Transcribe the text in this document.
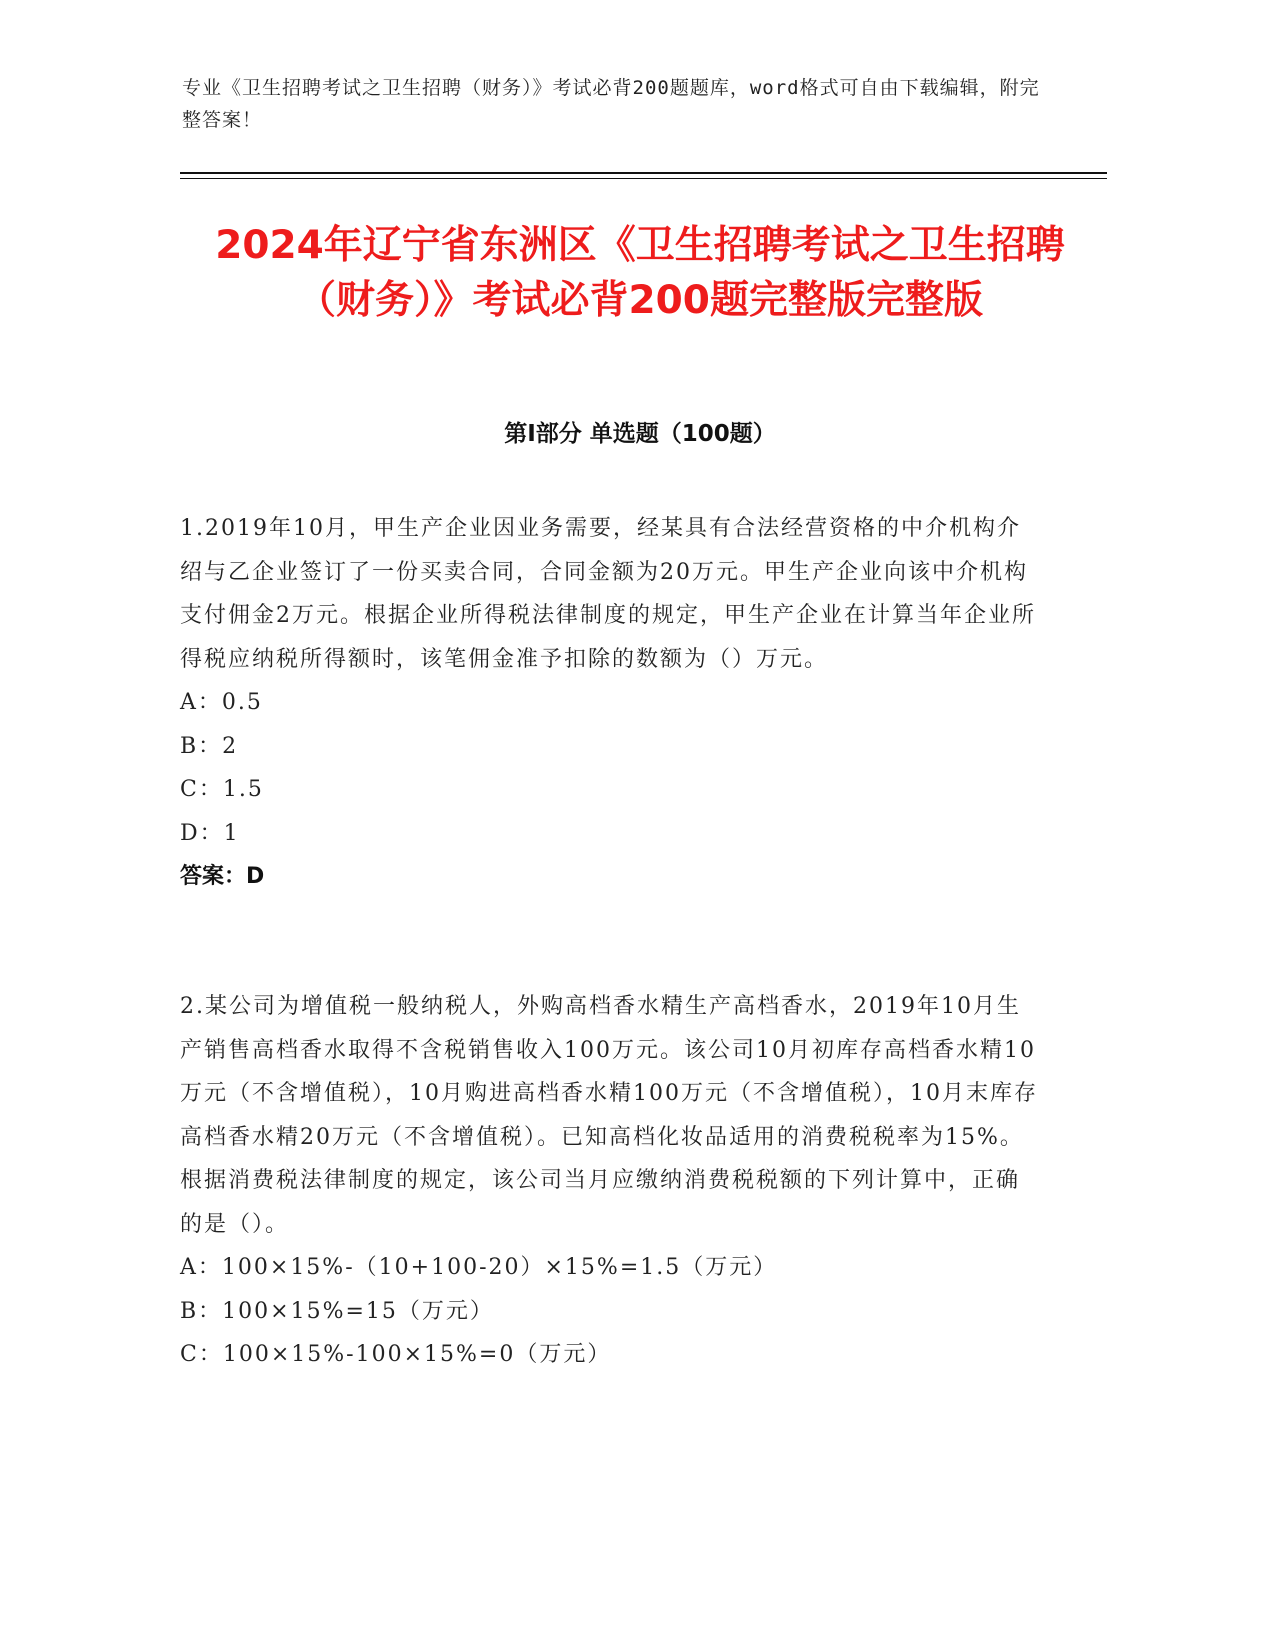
专业《卫生招聘考试之卫生招聘（财务）》考试必背200题题库，word格式可自由下载编辑，附完整答案！

2024年辽宁省东洲区《卫生招聘考试之卫生招聘（财务）》考试必背200题完整版完整版
第Ⅰ部分 单选题（100题）

1.2019年10月，甲生产企业因业务需要，经某具有合法经营资格的中介机构介绍与乙企业签订了一份买卖合同，合同金额为20万元。甲生产企业向该中介机构支付佣金2万元。根据企业所得税法律制度的规定，甲生产企业在计算当年企业所得税应纳税所得额时，该笔佣金准予扣除的数额为（）万元。

A：0.5
B：2
C：1.5
D：1
答案：D

2.某公司为增值税一般纳税人，外购高档香水精生产高档香水，2019年10月生产销售高档香水取得不含税销售收入100万元。该公司10月初库存高档香水精10万元（不含增值税），10月购进高档香水精100万元（不含增值税），10月末库存高档香水精20万元（不含增值税）。已知高档化妆品适用的消费税税率为15%。根据消费税法律制度的规定，该公司当月应缴纳消费税税额的下列计算中，正确的是（）。

A：100×15%-（10+100-20）×15%=1.5（万元）
B：100×15%=15（万元）
C：100×15%-100×15%=0（万元）
